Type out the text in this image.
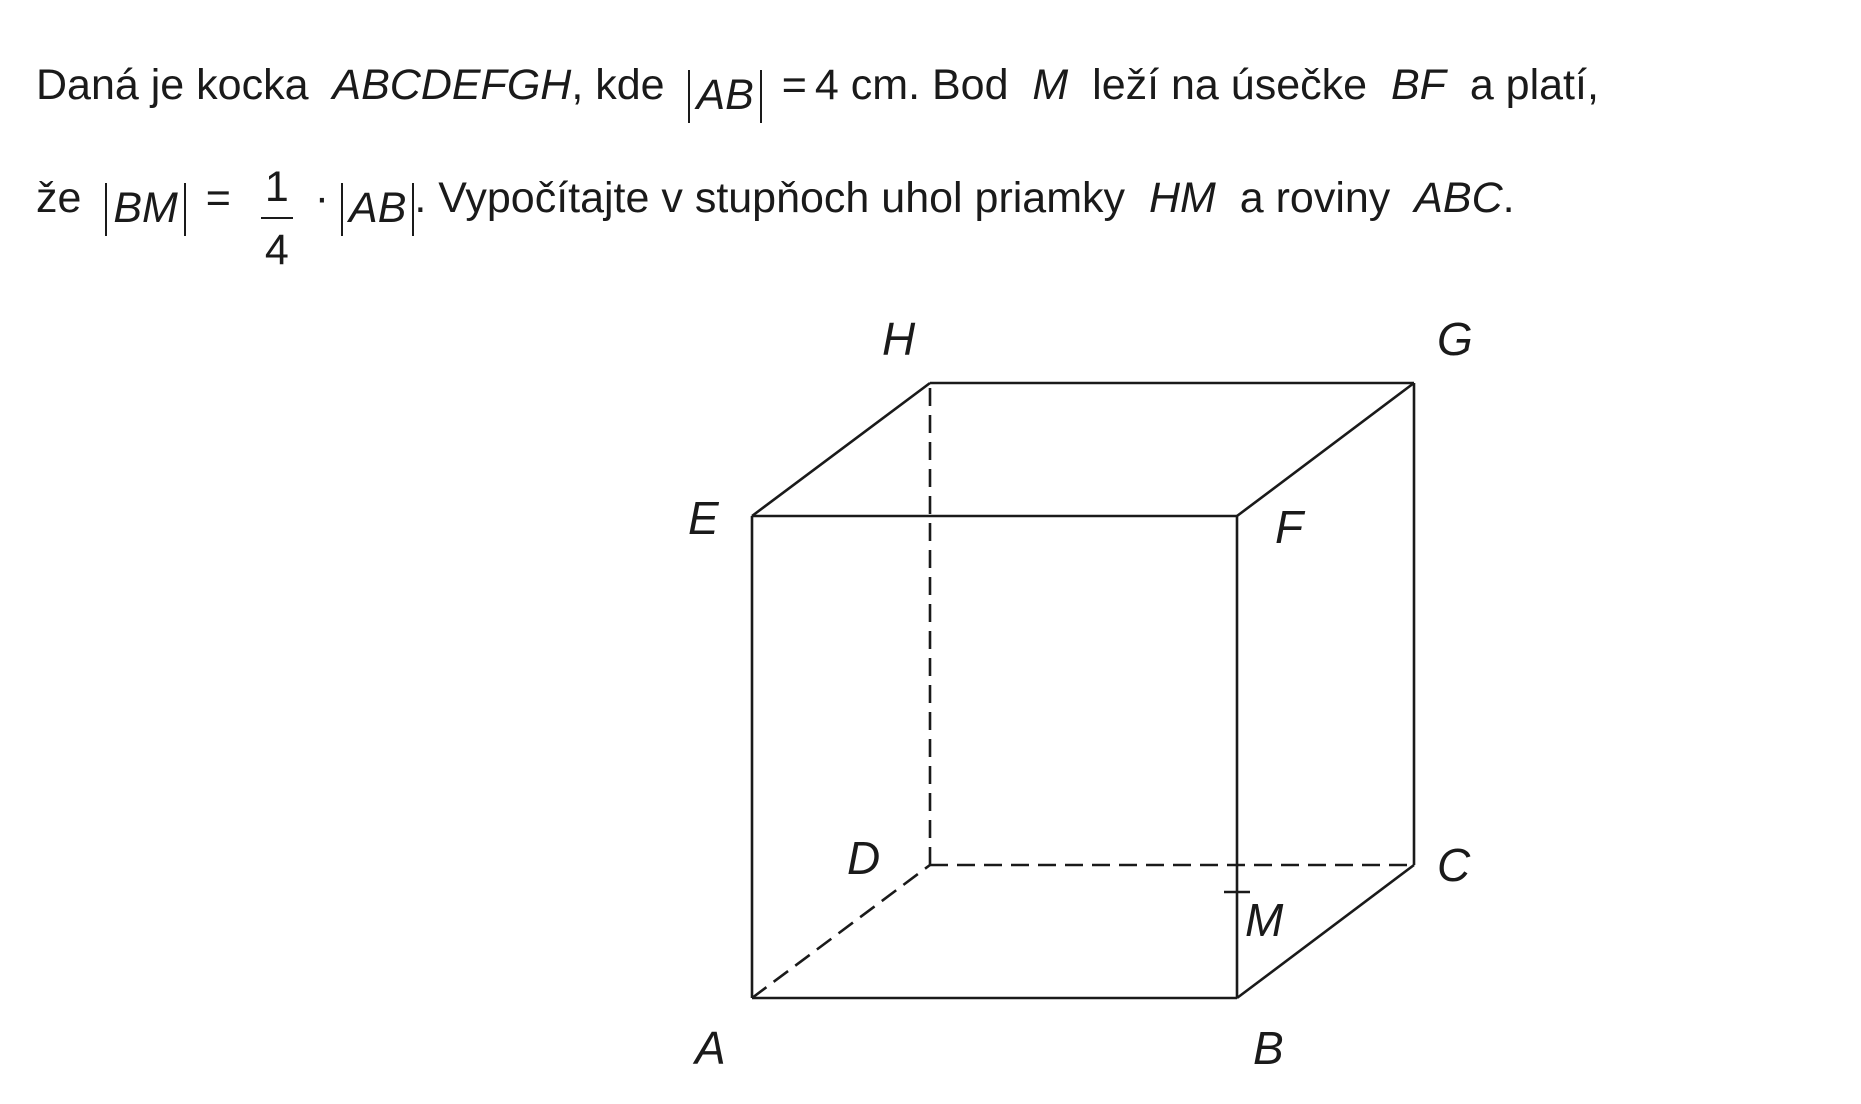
Daná je kocka ABCDEFGH, kde AB = 4 cm. Bod M leží na úsečke BF a platí,
že BM = $\frac{1}{4}$ · AB . Vypočítajte v stupňoch uhol priamky HM a roviny ABC.
A	B
C
D
E	F
G
H
M
